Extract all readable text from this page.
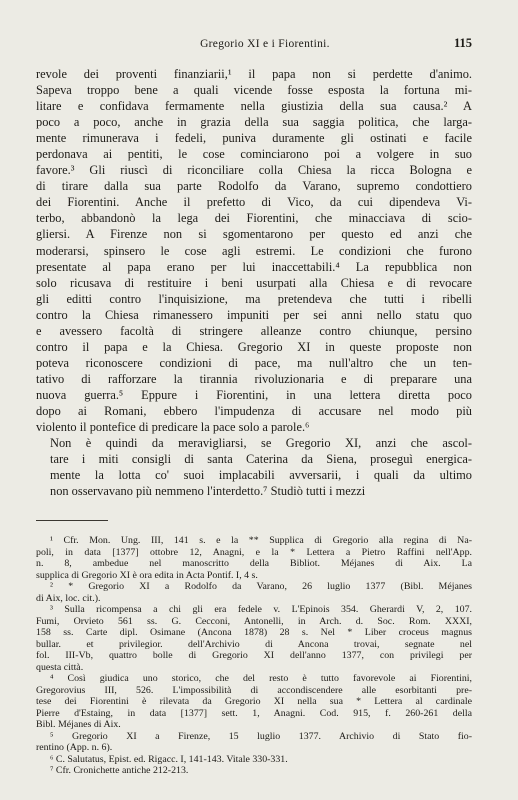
Gregorio XI e i Fiorentini.	115

revole dei proventi finanziarii,¹ il papa non si perdette d'animo.
Sapeva troppo bene a quali vicende fosse esposta la fortuna mi-
litare e confidava fermamente nella giustizia della sua causa.² A
poco a poco, anche in grazia della sua saggia politica, che larga-
mente rimunerava i fedeli, puniva duramente gli ostinati e facile
perdonava ai pentiti, le cose cominciarono poi a volgere in suo
favore.³ Gli riuscì di riconciliare colla Chiesa la ricca Bologna e
di tirare dalla sua parte Rodolfo da Varano, supremo condottiero
dei Fiorentini. Anche il prefetto di Vico, da cui dipendeva Vi-
terbo, abbandonò la lega dei Fiorentini, che minacciava di scio-
gliersi. A Firenze non si sgomentarono per questo ed anzi che
moderarsi, spinsero le cose agli estremi. Le condizioni che furono
presentate al papa erano per lui inaccettabili.⁴ La repubblica non
solo ricusava di restituire i beni usurpati alla Chiesa e di revocare
gli editti contro l'inquisizione, ma pretendeva che tutti i ribelli
contro la Chiesa rimanessero impuniti per sei anni nello statu quo
e avessero facoltà di stringere alleanze contro chiunque, persino
contro il papa e la Chiesa. Gregorio XI in queste proposte non
poteva riconoscere condizioni di pace, ma null'altro che un ten-
tativo di rafforzare la tirannia rivoluzionaria e di preparare una
nuova guerra.⁵ Eppure i Fiorentini, in una lettera diretta poco
dopo ai Romani, ebbero l'impudenza di accusare nel modo più
violento il pontefice di predicare la pace solo a parole.⁶

Non è quindi da meravigliarsi, se Gregorio XI, anzi che ascol-
tare i miti consigli di santa Caterina da Siena, proseguì energica-
mente la lotta co' suoi implacabili avversarii, i quali da ultimo
non osservavano più nemmeno l'interdetto.⁷ Studiò tutti i mezzi

¹ Cfr. Mon. Ung. III, 141 s. e la ** Supplica di Gregorio alla regina di Na-
poli, in data [1377] ottobre 12, Anagni, e la * Lettera a Pietro Raffini nell'App.
n. 8, ambedue nel manoscritto della Bibliot. Méjanes di Aix. La
supplica di Gregorio XI è ora edita in Acta Pontif. I, 4 s.
² * Gregorio XI a Rodolfo da Varano, 26 luglio 1377 (Bibl. Méjanes
di Aix, loc. cit.).
³ Sulla ricompensa a chi gli era fedele v. L'Epinois 354. Gherardi V, 2, 107.
Fumi, Orvieto 561 ss. G. Cecconi, Antonelli, in Arch. d. Soc. Rom. XXXI,
158 ss. Carte dipl. Osimane (Ancona 1878) 28 s. Nel * Liber croceus magnus
bullar. et privilegior. dell'Archivio di Ancona trovai, segnate nel
fol. III-Vb, quattro bolle di Gregorio XI dell'anno 1377, con privilegi per
questa città.
⁴ Così giudica uno storico, che del resto è tutto favorevole ai Fiorentini,
Gregorovius III, 526. L'impossibilità di accondiscendere alle esorbitanti pre-
tese dei Fiorentini è rilevata da Gregorio XI nella sua * Lettera al cardinale
Pierre d'Estaing, in data [1377] sett. 1, Anagni. Cod. 915, f. 260-261 della
Bibl. Méjanes di Aix.
⁵ Gregorio XI a Firenze, 15 luglio 1377. Archivio di Stato fio-
rentino (App. n. 6).
⁶ C. Salutatus, Epist. ed. Rigacc. I, 141-143. Vitale 330-331.
⁷ Cfr. Cronichette antiche 212-213.
